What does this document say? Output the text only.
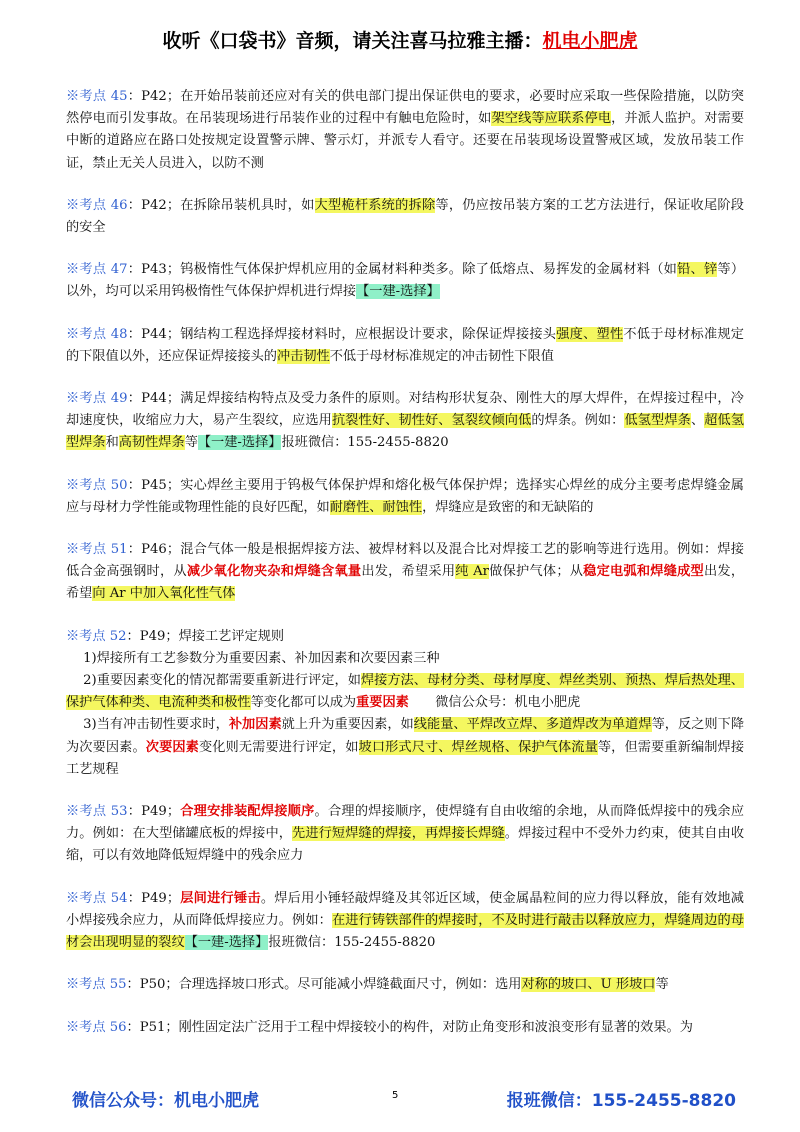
收听《口袋书》音频，请关注喜马拉雅主播：机电小肥虎

※考点 45：P42；在开始吊装前还应对有关的供电部门提出保证供电的要求，必要时应采取一些保险措施，以防突然停电而引发事故。在吊装现场进行吊装作业的过程中有触电危险时，如架空线等应联系停电，并派人监护。对需要中断的道路应在路口处按规定设置警示牌、警示灯，并派专人看守。还要在吊装现场设置警戒区域，发放吊装工作证，禁止无关人员进入，以防不测

※考点 46：P42；在拆除吊装机具时，如大型桅杆系统的拆除等，仍应按吊装方案的工艺方法进行，保证收尾阶段的安全

※考点 47：P43；钨极惰性气体保护焊机应用的金属材料种类多。除了低熔点、易挥发的金属材料（如铅、锌等）以外，均可以采用钨极惰性气体保护焊机进行焊接【一建-选择】

※考点 48：P44；钢结构工程选择焊接材料时，应根据设计要求，除保证焊接接头强度、塑性不低于母材标准规定的下限值以外，还应保证焊接接头的冲击韧性不低于母材标准规定的冲击韧性下限值

※考点 49：P44；满足焊接结构特点及受力条件的原则。对结构形状复杂、刚性大的厚大焊件，在焊接过程中，冷却速度快，收缩应力大，易产生裂纹，应选用抗裂性好、韧性好、氢裂纹倾向低的焊条。例如：低氢型焊条、超低氢型焊条和高韧性焊条等【一建-选择】报班微信：155-2455-8820

※考点 50：P45；实心焊丝主要用于钨极气体保护焊和熔化极气体保护焊；选择实心焊丝的成分主要考虑焊缝金属应与母材力学性能或物理性能的良好匹配，如耐磨性、耐蚀性，焊缝应是致密的和无缺陷的

※考点 51：P46；混合气体一般是根据焊接方法、被焊材料以及混合比对焊接工艺的影响等进行选用。例如：焊接低合金高强钢时，从减少氧化物夹杂和焊缝含氧量出发，希望采用纯 Ar做保护气体；从稳定电弧和焊缝成型出发，希望向 Ar 中加入氧化性气体

※考点 52：P49；焊接工艺评定规则
1)焊接所有工艺参数分为重要因素、补加因素和次要因素三种
2)重要因素变化的情况都需要重新进行评定，如焊接方法、母材分类、母材厚度、焊丝类别、预热、焊后热处理、保护气体种类、电流种类和极性等变化都可以成为重要因素　　微信公众号：机电小肥虎
3)当有冲击韧性要求时，补加因素就上升为重要因素，如线能量、平焊改立焊、多道焊改为单道焊等，反之则下降为次要因素。次要因素变化则无需要进行评定，如坡口形式尺寸、焊丝规格、保护气体流量等，但需要重新编制焊接工艺规程

※考点 53：P49；合理安排装配焊接顺序。合理的焊接顺序，使焊缝有自由收缩的余地，从而降低焊接中的残余应力。例如：在大型储罐底板的焊接中，先进行短焊缝的焊接，再焊接长焊缝。焊接过程中不受外力约束，使其自由收缩，可以有效地降低短焊缝中的残余应力

※考点 54：P49；层间进行锤击。焊后用小锤轻敲焊缝及其邻近区域，使金属晶粒间的应力得以释放，能有效地减小焊接残余应力，从而降低焊接应力。例如：在进行铸铁部件的焊接时，不及时进行敲击以释放应力，焊缝周边的母材会出现明显的裂纹【一建-选择】报班微信：155-2455-8820

※考点 55：P50；合理选择坡口形式。尽可能减小焊缝截面尺寸，例如：选用对称的坡口、U 形坡口等

※考点 56：P51；刚性固定法广泛用于工程中焊接较小的构件，对防止角变形和波浪变形有显著的效果。为

微信公众号：机电小肥虎	5	报班微信：155-2455-8820
